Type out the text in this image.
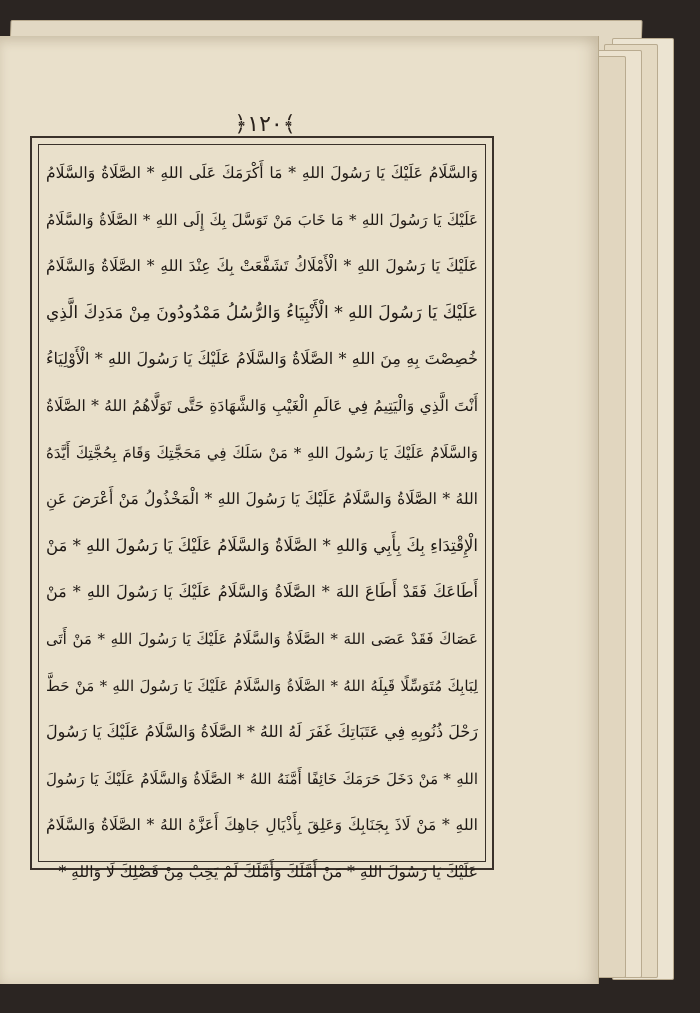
﴿١٢٠﴾
وَالسَّلَامُ عَلَيْكَ يَا رَسُولَ اللهِ * مَا أَكْرَمَكَ عَلَى اللهِ * الصَّلَاةُ وَالسَّلَامُ
عَلَيْكَ يَا رَسُولَ اللهِ * مَا خَابَ مَنْ تَوَسَّلَ بِكَ إِلَى اللهِ * الصَّلَاةُ وَالسَّلَامُ
عَلَيْكَ يَا رَسُولَ اللهِ * الْأَمْلَاكُ تَشَفَّعَتْ بِكَ عِنْدَ اللهِ * الصَّلَاةُ وَالسَّلَامُ
عَلَيْكَ يَا رَسُولَ اللهِ * الْأَنْبِيَاءُ وَالرُّسُلُ مَمْدُودُونَ مِنْ مَدَدِكَ الَّذِي
خُصِصْتَ بِهِ مِنَ اللهِ * الصَّلَاةُ وَالسَّلَامُ عَلَيْكَ يَا رَسُولَ اللهِ * الْأَوْلِيَاءُ
أَنْتَ الَّذِي وَالْيَتِيمُ فِي عَالَمِ الْغَيْبِ وَالشَّهَادَةِ حَتَّى تَوَلَّاهُمُ اللهُ * الصَّلَاةُ
وَالسَّلَامُ عَلَيْكَ يَا رَسُولَ اللهِ * مَنْ سَلَكَ فِي مَحَجَّتِكَ وَقَامَ بِحُجَّتِكَ أَيَّدَهُ
اللهُ * الصَّلَاةُ وَالسَّلَامُ عَلَيْكَ يَا رَسُولَ اللهِ * الْمَخْذُولُ مَنْ أَعْرَضَ عَنِ
الْإِقْتِدَاءِ بِكَ بِأَبِي وَاللهِ * الصَّلَاةُ وَالسَّلَامُ عَلَيْكَ يَا رَسُولَ اللهِ * مَنْ
أَطَاعَكَ فَقَدْ أَطَاعَ اللهَ * الصَّلَاةُ وَالسَّلَامُ عَلَيْكَ يَا رَسُولَ اللهِ * مَنْ
عَصَاكَ فَقَدْ عَصَى اللهَ * الصَّلَاةُ وَالسَّلَامُ عَلَيْكَ يَا رَسُولَ اللهِ * مَنْ أَتَى
لِبَابِكَ مُتَوَسِّلًا قَبِلَهُ اللهُ * الصَّلَاةُ وَالسَّلَامُ عَلَيْكَ يَا رَسُولَ اللهِ * مَنْ حَطَّ
رَحْلَ ذُنُوبِهِ فِي عَتَبَاتِكَ غَفَرَ لَهُ اللهُ * الصَّلَاةُ وَالسَّلَامُ عَلَيْكَ يَا رَسُولَ
اللهِ * مَنْ دَخَلَ حَرَمَكَ خَائِفًا أَمَّنَهُ اللهُ * الصَّلَاةُ وَالسَّلَامُ عَلَيْكَ يَا رَسُولَ
اللهِ * مَنْ لَاذَ بِجَنَابِكَ وَعَلِقَ بِأَذْيَالِ جَاهِكَ أَعَزَّهُ اللهُ * الصَّلَاةُ وَالسَّلَامُ
عَلَيْكَ يَا رَسُولَ اللهِ * مَنْ أَمَّلَكَ وَأَمَّلَكَ لَمْ يَخِبْ مِنْ فَضْلِكَ لَا وَاللهِ *
